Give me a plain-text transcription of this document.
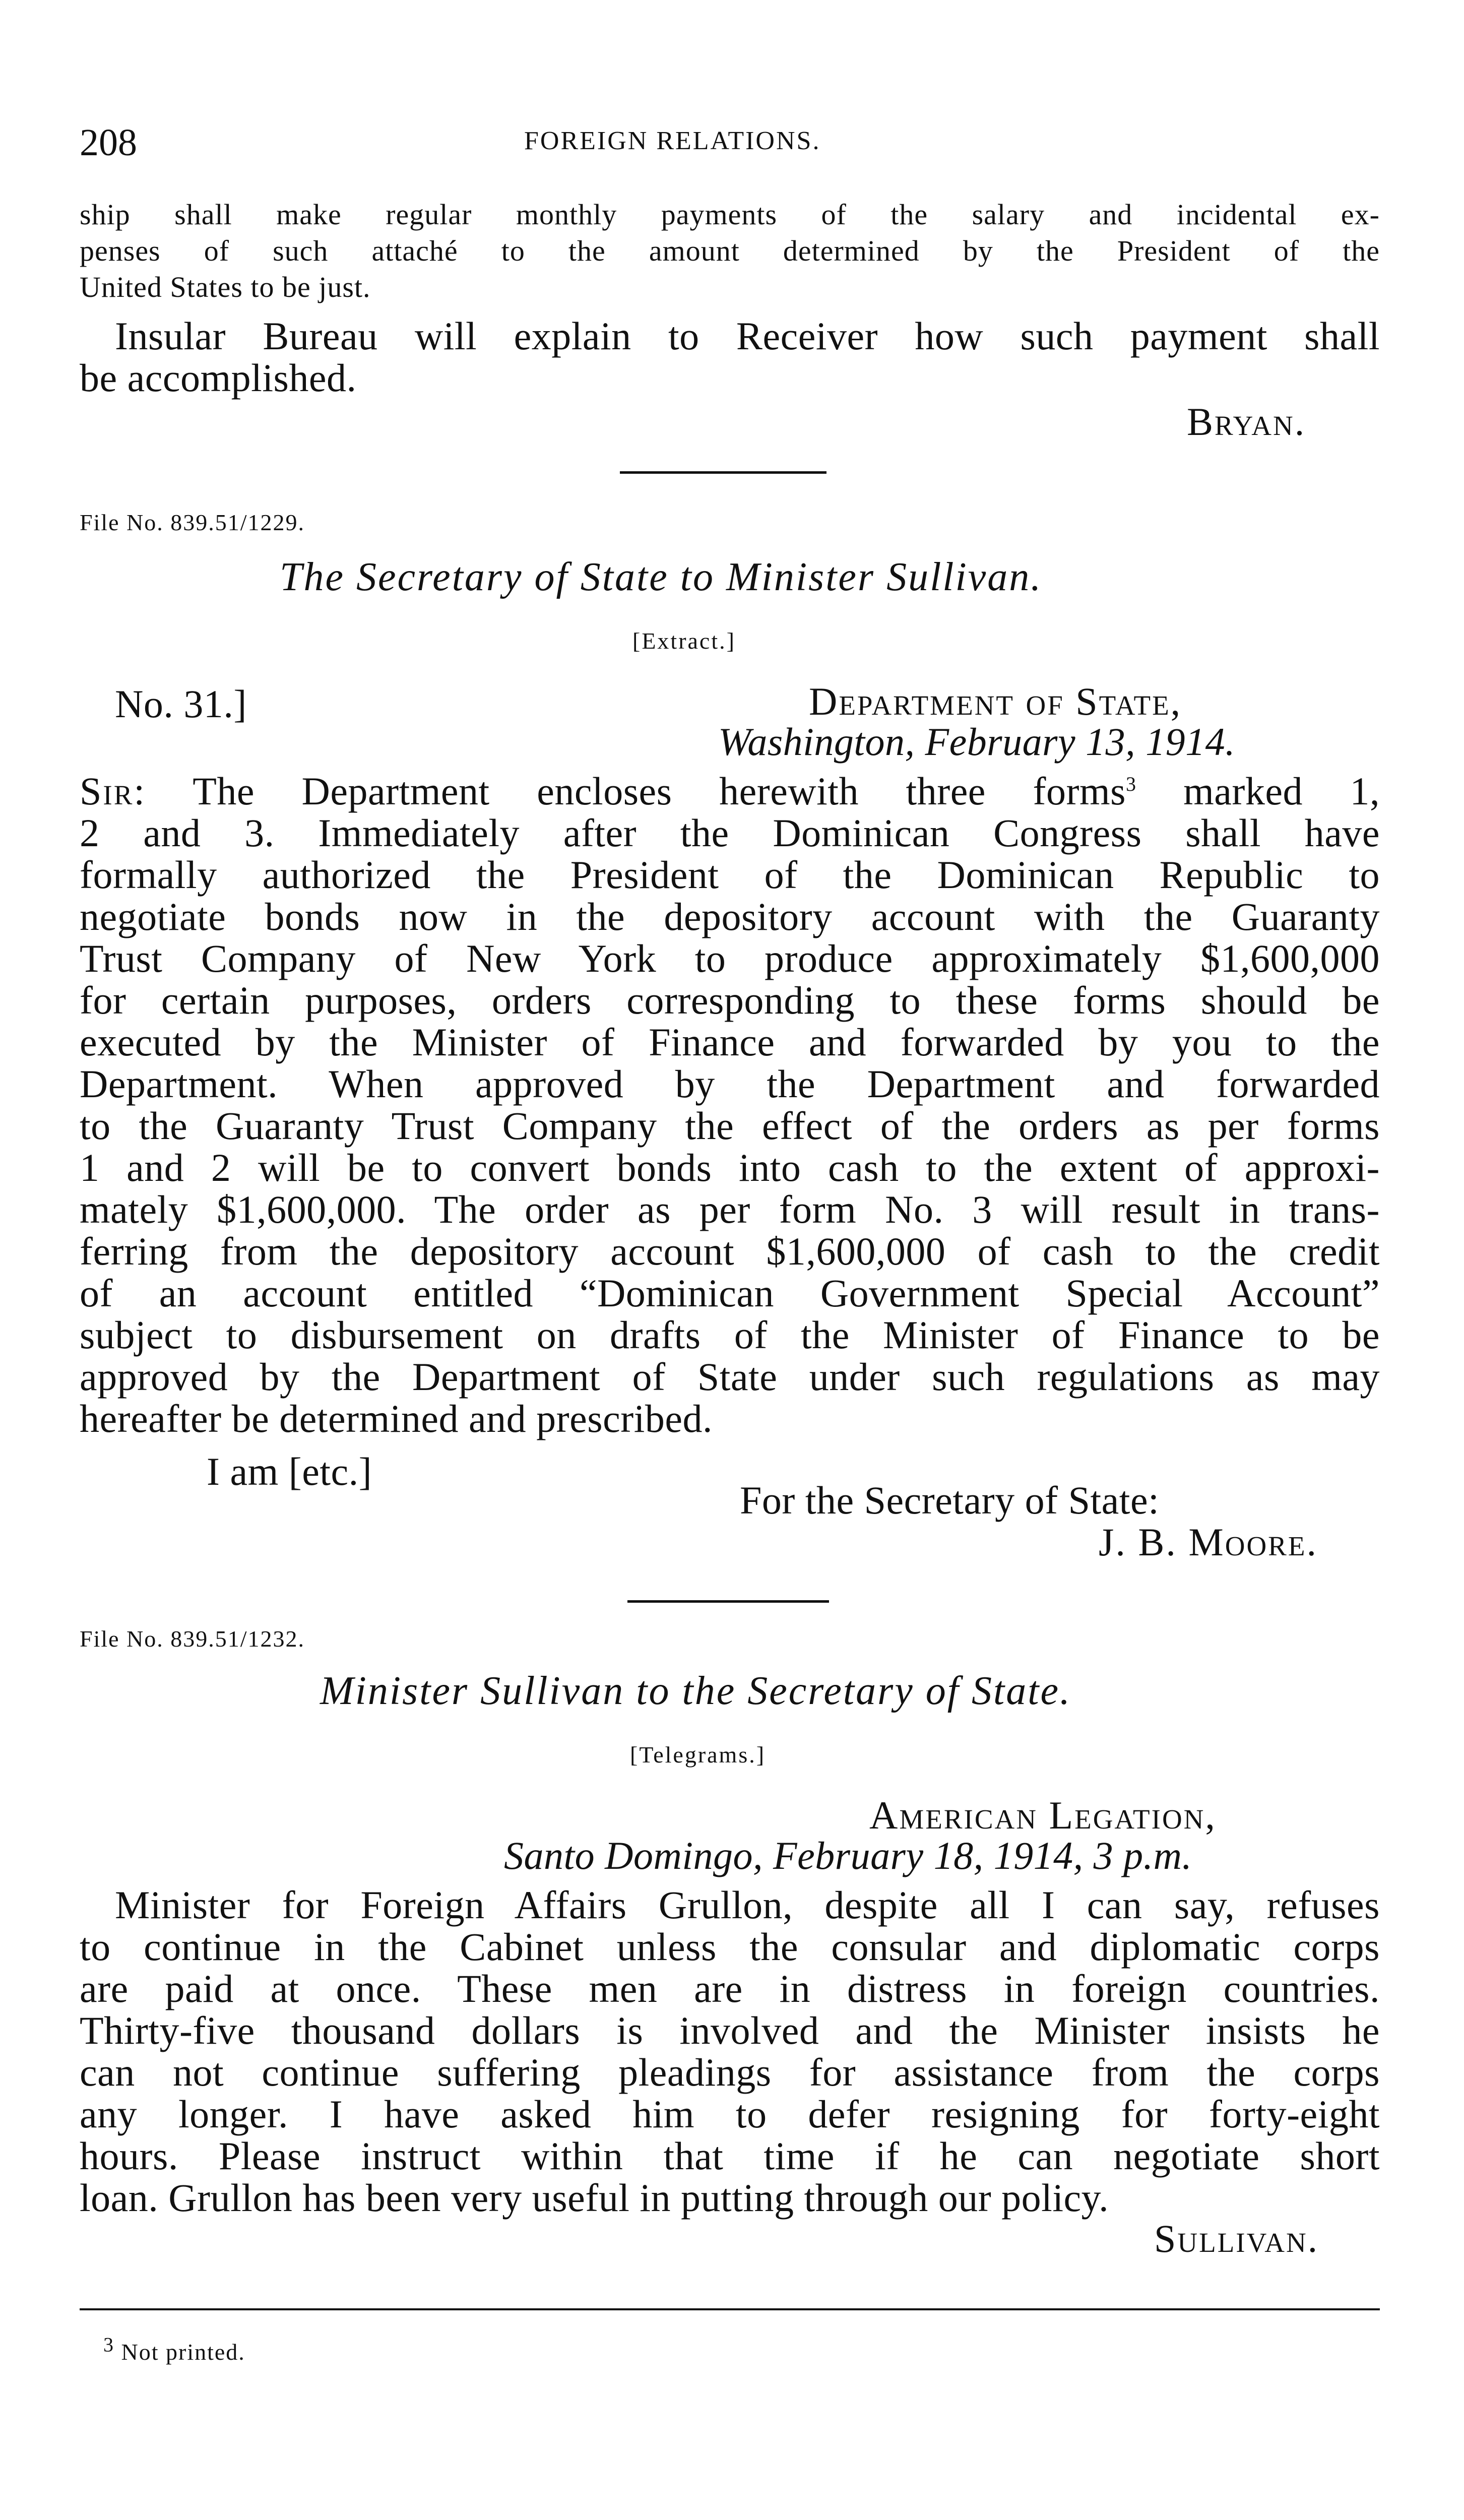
208	FOREIGN RELATIONS.
ship shall make regular monthly payments of the salary and incidental ex-
penses of such attaché to the amount determined by the President of the
United States to be just.
Insular Bureau will explain to Receiver how such payment shall
be accomplished.
Bryan.
File No. 839.51/1229.
The Secretary of State to Minister Sullivan.
[Extract.]
No. 31.]	Department of State,
Washington, February 13, 1914.
Sir: The Department encloses herewith three forms$^3$ marked 1,
2 and 3. Immediately after the Dominican Congress shall have
formally authorized the President of the Dominican Republic to
negotiate bonds now in the depository account with the Guaranty
Trust Company of New York to produce approximately $1,600,000
for certain purposes, orders corresponding to these forms should be
executed by the Minister of Finance and forwarded by you to the
Department. When approved by the Department and forwarded
to the Guaranty Trust Company the effect of the orders as per forms
1 and 2 will be to convert bonds into cash to the extent of approxi-
mately $1,600,000. The order as per form No. 3 will result in trans-
ferring from the depository account $1,600,000 of cash to the credit
of an account entitled “Dominican Government Special Account”
subject to disbursement on drafts of the Minister of Finance to be
approved by the Department of State under such regulations as may
hereafter be determined and prescribed.
I am [etc.]
For the Secretary of State:
J. B. Moore.
File No. 839.51/1232.
Minister Sullivan to the Secretary of State.
[Telegrams.]
American Legation,
Santo Domingo, February 18, 1914, 3 p.m.
Minister for Foreign Affairs Grullon, despite all I can say, refuses
to continue in the Cabinet unless the consular and diplomatic corps
are paid at once. These men are in distress in foreign countries.
Thirty-five thousand dollars is involved and the Minister insists he
can not continue suffering pleadings for assistance from the corps
any longer. I have asked him to defer resigning for forty-eight
hours. Please instruct within that time if he can negotiate short
loan. Grullon has been very useful in putting through our policy.
Sullivan.
$^3$ Not printed.
